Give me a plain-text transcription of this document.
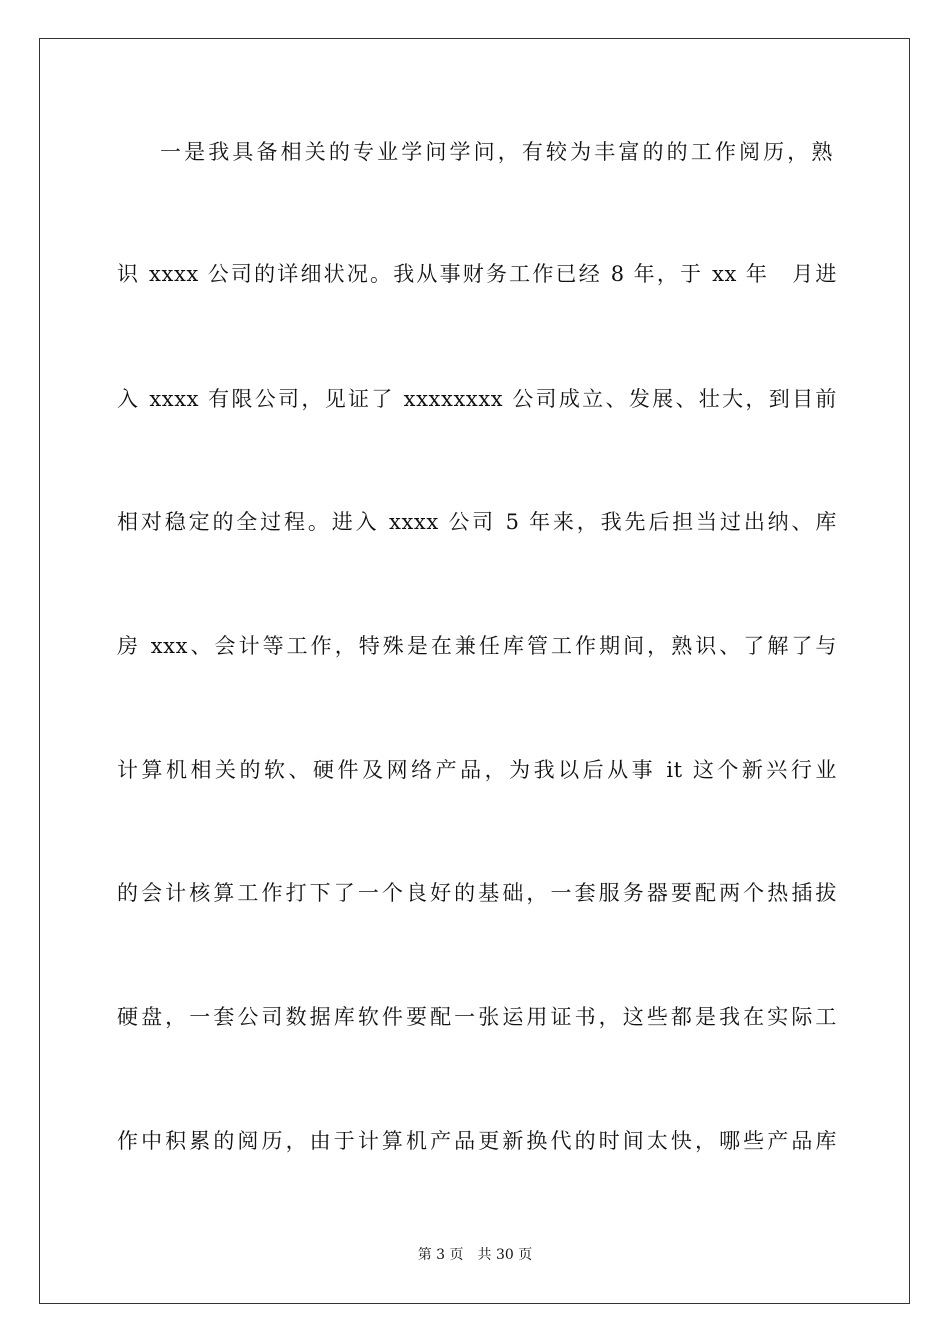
一是我具备相关的专业学问学问，有较为丰富的的工作阅历，熟

识 xxxx 公司的详细状况。我从事财务工作已经 8 年，于 xx 年　月进

入 xxxx 有限公司，见证了 xxxxxxxx 公司成立、发展、壮大，到目前

相对稳定的全过程。进入 xxxx 公司 5 年来，我先后担当过出纳、库

房 xxx、会计等工作，特殊是在兼任库管工作期间，熟识、了解了与

计算机相关的软、硬件及网络产品，为我以后从事 it 这个新兴行业

的会计核算工作打下了一个良好的基础，一套服务器要配两个热插拔

硬盘，一套公司数据库软件要配一张运用证书，这些都是我在实际工

作中积累的阅历，由于计算机产品更新换代的时间太快，哪些产品库

第 3 页 共 30 页
